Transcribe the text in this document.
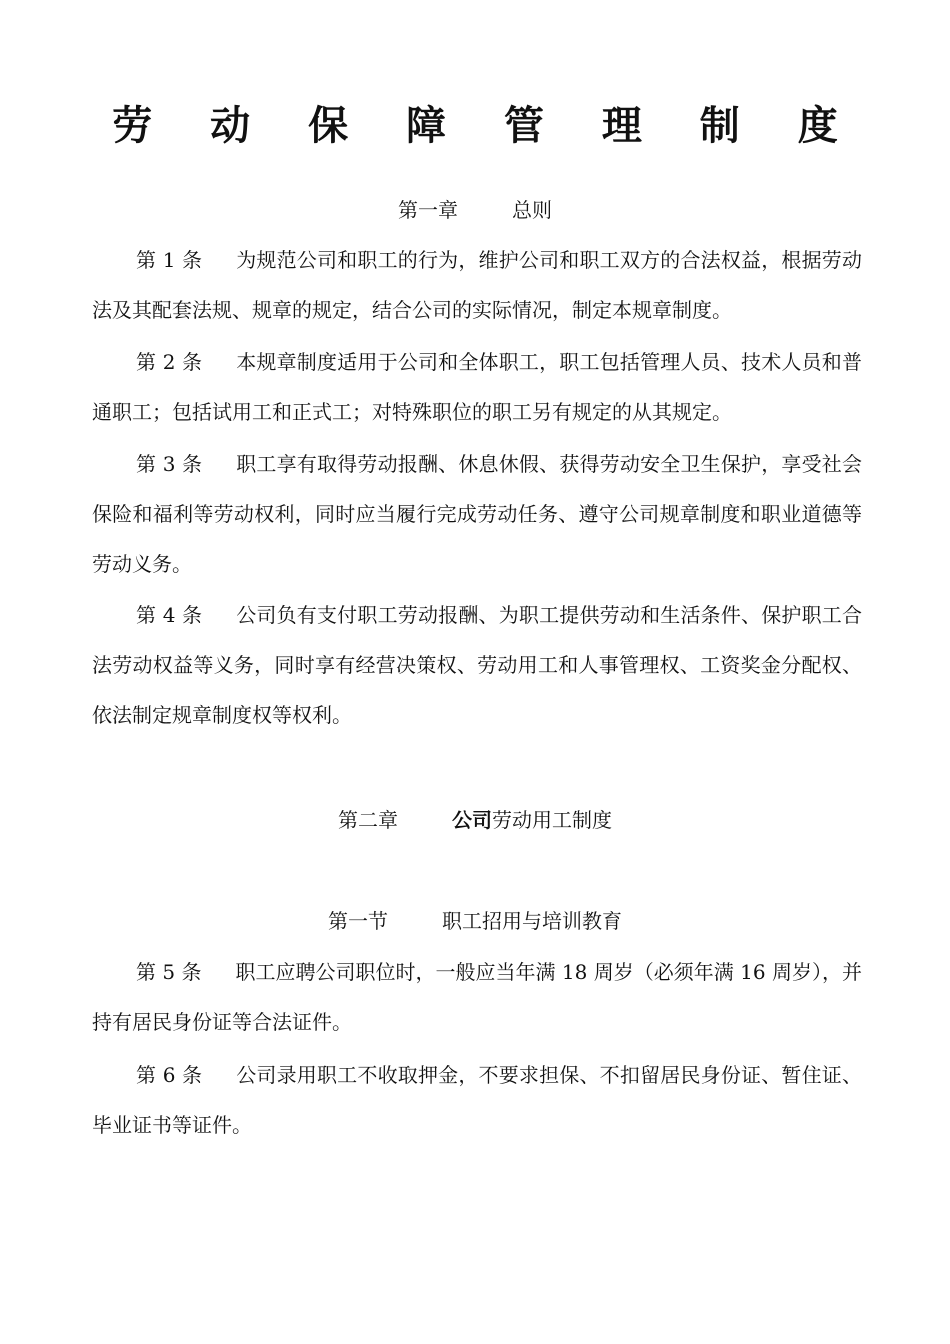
劳 动 保 障 管 理 制 度
第一章	总则

第 1 条 为规范公司和职工的行为，维护公司和职工双方的合法权益，根据劳动法及其配套法规、规章的规定，结合公司的实际情况，制定本规章制度。

第 2 条 本规章制度适用于公司和全体职工，职工包括管理人员、技术人员和普通职工；包括试用工和正式工；对特殊职位的职工另有规定的从其规定。

第 3 条 职工享有取得劳动报酬、休息休假、获得劳动安全卫生保护，享受社会保险和福利等劳动权利，同时应当履行完成劳动任务、遵守公司规章制度和职业道德等劳动义务。

第 4 条 公司负有支付职工劳动报酬、为职工提供劳动和生活条件、保护职工合法劳动权益等义务，同时享有经营决策权、劳动用工和人事管理权、工资奖金分配权、依法制定规章制度权等权利。

第二章	公司劳动用工制度
第一节	职工招用与培训教育

第 5 条 职工应聘公司职位时，一般应当年满 18 周岁（必须年满 16 周岁），并持有居民身份证等合法证件。

第 6 条 公司录用职工不收取押金，不要求担保、不扣留居民身份证、暂住证、毕业证书等证件。
